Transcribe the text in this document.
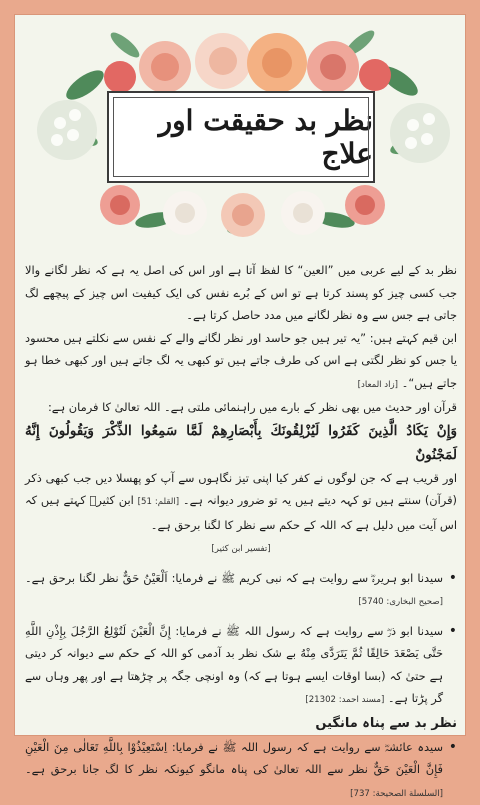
نظر بد حقیقت اور علاج

نظر بد کے لیے عربی میں ”العین“ کا لفظ آتا ہے اور اس کی اصل یہ ہے کہ نظر لگانے والا جب کسی چیز کو پسند کرتا ہے تو اس کے بُرے نفس کی ایک کیفیت اس چیز کے پیچھے لگ جاتی ہے جس سے وہ نظر لگانے میں مدد حاصل کرتا ہے۔

ابن قیم کہتے ہیں: ”یہ تیر ہیں جو حاسد اور نظر لگانے والے کے نفس سے نکلتے ہیں محسود یا جس کو نظر لگتی ہے اس کی طرف جاتے ہیں تو کبھی یہ لگ جاتے ہیں اور کبھی خطا ہو جاتے ہیں“۔ [زاد المعاد]

قرآن اور حدیث میں بھی نظر کے بارے میں راہنمائی ملتی ہے۔ اللہ تعالیٰ کا فرمان ہے:

وَإِنْ يَكَادُ الَّذِينَ كَفَرُوا لَيُزْلِقُونَكَ بِأَبْصَارِهِمْ لَمَّا سَمِعُوا الذِّكْرَ وَيَقُولُونَ إِنَّهُ لَمَجْنُونٌ

اور قریب ہے کہ جن لوگوں نے کفر کیا اپنی تیز نگاہوں سے آپ کو پھسلا دیں جب کبھی ذکر (قرآن) سنتے ہیں تو کہہ دیتے ہیں یہ تو ضرور دیوانہ ہے۔ [القلم: 51] ابن کثیرؒ کہتے ہیں کہ اس آیت میں دلیل ہے کہ اللہ کے حکم سے نظر کا لگنا برحق ہے۔

[تفسیر ابن کثیر]

• سیدنا ابو ہریرہؓ سے روایت ہے کہ نبی کریم ﷺ نے فرمایا: اَلْعَيْنُ حَقٌّ نظر لگنا برحق ہے۔ [صحیح البخاری: 5740]

• سیدنا ابو ذرؓ سے روایت ہے کہ رسول اللہ ﷺ نے فرمایا: إِنَّ الْعَيْنَ لَتُوْلِعُ الرَّجُلَ بِإِذْنِ اللَّهِ حَتَّى يَصْعَدَ حَالِقًا ثُمَّ يَتَرَدَّى مِنْهُ بے شک نظر بد آدمی کو اللہ کے حکم سے دیوانہ کر دیتی ہے حتیٰ کہ (بسا اوقات ایسے ہوتا ہے کہ) وہ اونچی جگہ پر چڑھتا ہے اور پھر وہاں سے گر پڑتا ہے۔ [مسند احمد: 21302]

نظر بد سے پناہ مانگیں

• سیدہ عائشہؓ سے روایت ہے کہ رسول اللہ ﷺ نے فرمایا: اِسْتَعِيْذُوْا بِاللَّهِ تَعَالٰى مِنَ الْعَيْنِ فَإِنَّ الْعَيْنَ حَقٌّ نظر سے اللہ تعالیٰ کی پناہ مانگو کیونکہ نظر کا لگ جانا برحق ہے۔ [السلسلة الصحيحة: 737]
